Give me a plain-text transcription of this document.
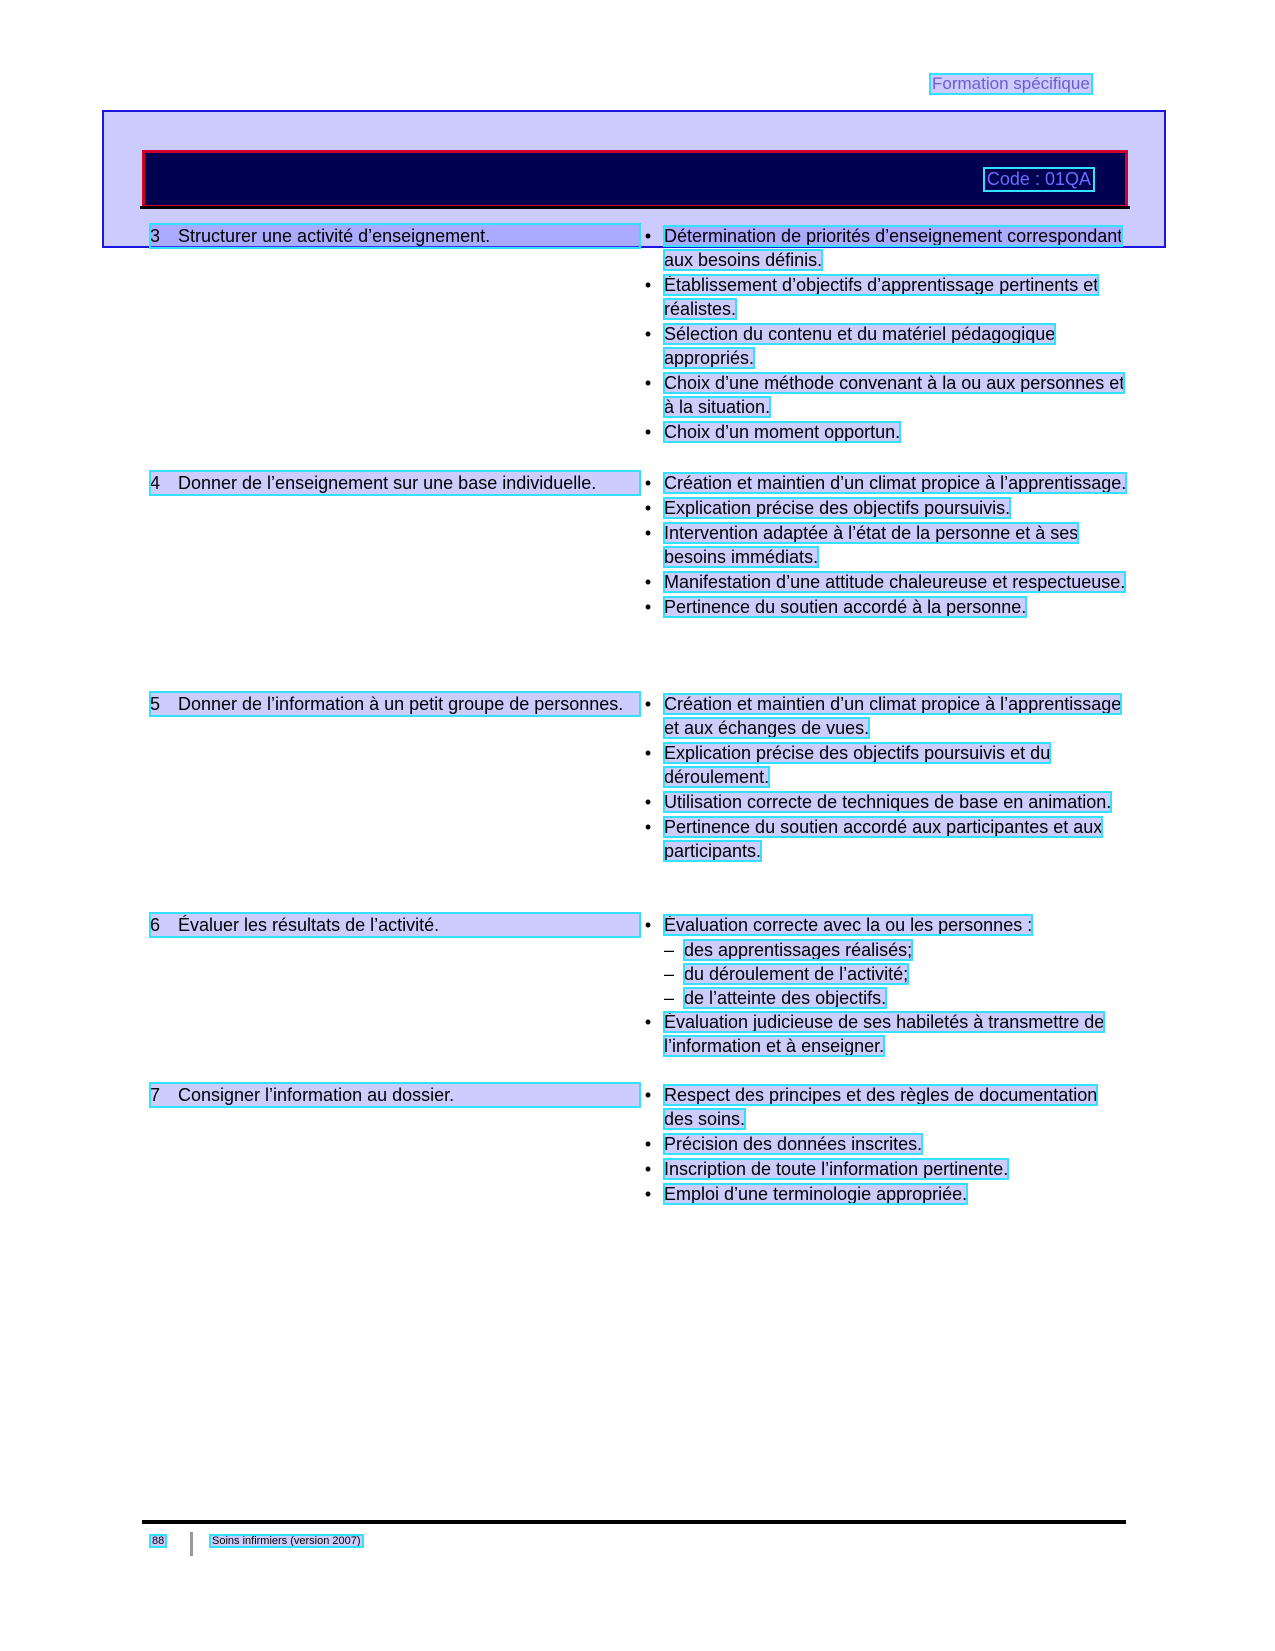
Formation spécifique
Code : 01QA
3 Structurer une activité d’enseignement.	• Détermination de priorités d’enseignement correspondant aux besoins définis.
• Établissement d’objectifs d’apprentissage pertinents et réalistes.
• Sélection du contenu et du matériel pédagogique appropriés.
• Choix d’une méthode convenant à la ou aux personnes et à la situation.
• Choix d’un moment opportun.
4 Donner de l’enseignement sur une base individuelle.	• Création et maintien d’un climat propice à l’apprentissage.
• Explication précise des objectifs poursuivis.
• Intervention adaptée à l’état de la personne et à ses besoins immédiats.
• Manifestation d’une attitude chaleureuse et respectueuse.
• Pertinence du soutien accordé à la personne.
5 Donner de l’information à un petit groupe de personnes.	• Création et maintien d’un climat propice à l’apprentissage et aux échanges de vues.
• Explication précise des objectifs poursuivis et du déroulement.
• Utilisation correcte de techniques de base en animation.
• Pertinence du soutien accordé aux participantes et aux participants.
6 Évaluer les résultats de l’activité.	• Évaluation correcte avec la ou les personnes :
– des apprentissages réalisés;
– du déroulement de l’activité;
– de l’atteinte des objectifs.
• Évaluation judicieuse de ses habiletés à transmettre de l’information et à enseigner.
7 Consigner l’information au dossier.	• Respect des principes et des règles de documentation des soins.
• Précision des données inscrites.
• Inscription de toute l’information pertinente.
• Emploi d’une terminologie appropriée.
88	Soins infirmiers (version 2007)
